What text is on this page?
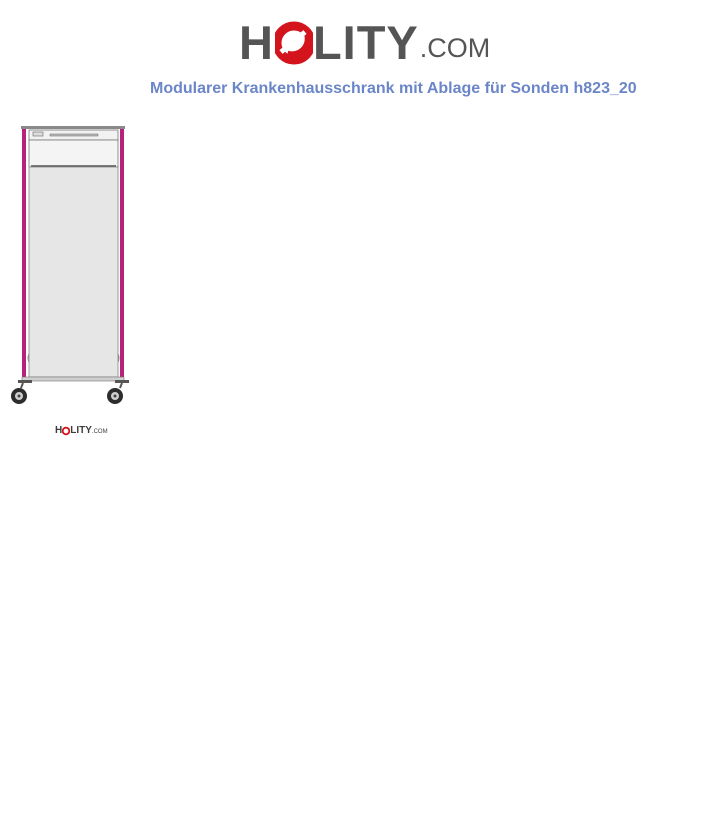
H LITY .COM
Modularer Krankenhausschrank mit Ablage für Sonden h823_20
H LITY .COM
